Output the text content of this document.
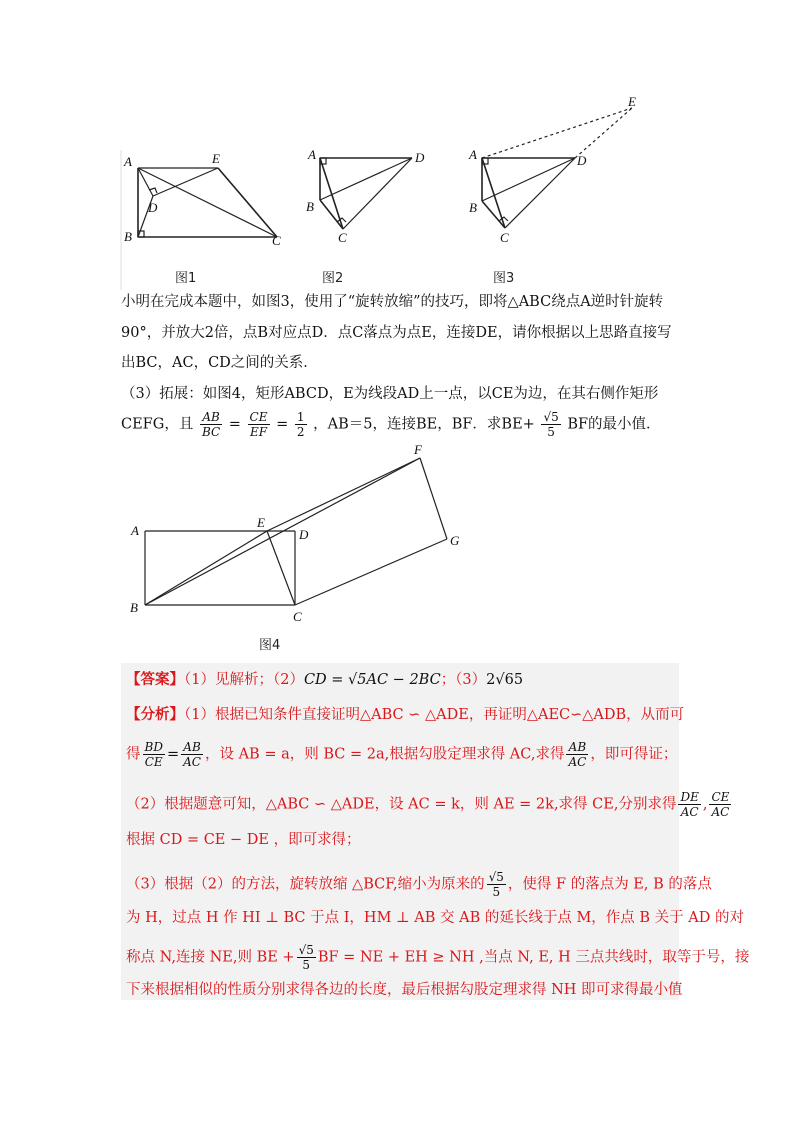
A	E
D
B	C
A	D
B
C
A	D
B
C
E
图1	图2	图3
小明在完成本题中，如图3，使用了“旋转放缩”的技巧，即将△ABC绕点A逆时针旋转
90°，并放大2倍，点B对应点D．点C落点为点E，连接DE，请你根据以上思路直接写
出BC，AC，CD之间的关系．
（3）拓展：如图4，矩形ABCD，E为线段AD上一点，以CE为边，在其右侧作矩形
CEFG，且 $\frac{AB}{BC} = \frac{CE}{EF} = \frac{1}{2}$ ，AB＝5，连接BE，BF．求$BE+ \frac{√5}{5}$ BF的最小值．
A
E
D
B
C
F
G
图4
【答案】（1）见解析；（2）CD = √5AC − 2BC；（3）2√65
【分析】（1）根据已知条件直接证明△ABC ∽ △ADE，再证明△AEC∽△ADB，从而可
得 $\frac{BD}{CE} = \frac{AB}{AC}$ ，设 AB = a，则 BC = 2a,根据勾股定理求得 AC,求得 $\frac{AB}{AC}$ ，即可得证；
（2）根据题意可知，△ABC ∽ △ADE，设 AC = k，则 AE = 2k,求得 CE,分别求得 $\frac{DE}{AC}$ , $\frac{CE}{AC}$
根据 CD = CE − DE ，即可求得；
（3）根据（2）的方法，旋转放缩 △BCF,缩小为原来的 $\frac{√5}{5}$ ，使得 F 的落点为 E, B 的落点
为 H，过点 H 作 HI ⊥ BC 于点 I，HM ⊥ AB 交 AB 的延长线于点 M，作点 B 关于 AD 的对
称点 N,连接 NE,则 BE + $\frac{√5}{5}$ BF = NE + EH ≥ NH ,当点 N, E, H 三点共线时，取等于号，接
下来根据相似的性质分别求得各边的长度，最后根据勾股定理求得 NH 即可求得最小值
